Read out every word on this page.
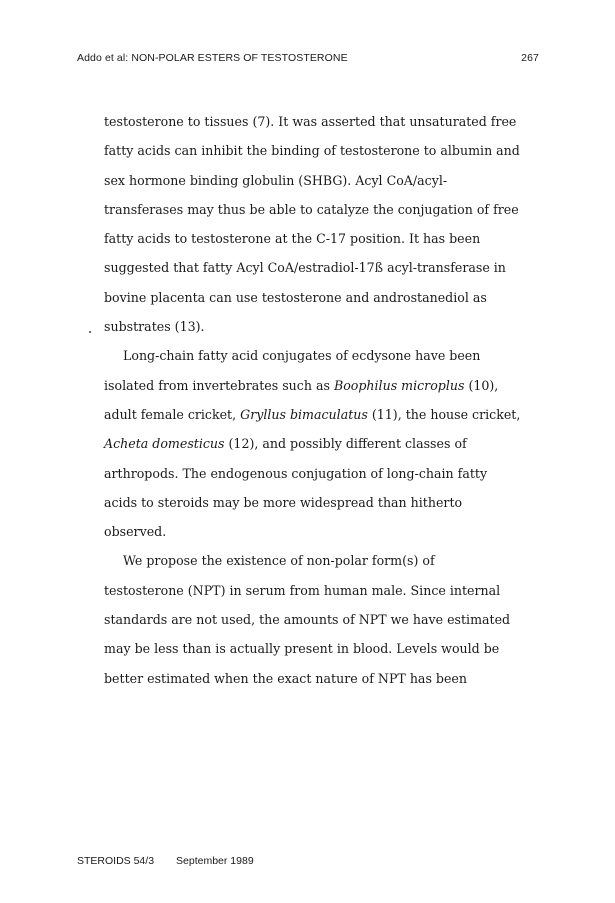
Addo et al: NON-POLAR ESTERS OF TESTOSTERONE	267
testosterone to tissues (7). It was asserted that unsaturated free
fatty acids can inhibit the binding of testosterone to albumin and
sex hormone binding globulin (SHBG). Acyl CoA/acyl-
transferases may thus be able to catalyze the conjugation of free
fatty acids to testosterone at the C-17 position. It has been
suggested that fatty Acyl CoA/estradiol-17ß acyl-transferase in
bovine placenta can use testosterone and androstanediol as
substrates (13).
Long-chain fatty acid conjugates of ecdysone have been
isolated from invertebrates such as Boophilus microplus (10),
adult female cricket, Gryllus bimaculatus (11), the house cricket,
Acheta domesticus (12), and possibly different classes of
arthropods. The endogenous conjugation of long-chain fatty
acids to steroids may be more widespread than hitherto
observed.
We propose the existence of non-polar form(s) of
testosterone (NPT) in serum from human male. Since internal
standards are not used, the amounts of NPT we have estimated
may be less than is actually present in blood. Levels would be
better estimated when the exact nature of NPT has been
STEROIDS 54/3 September 1989
